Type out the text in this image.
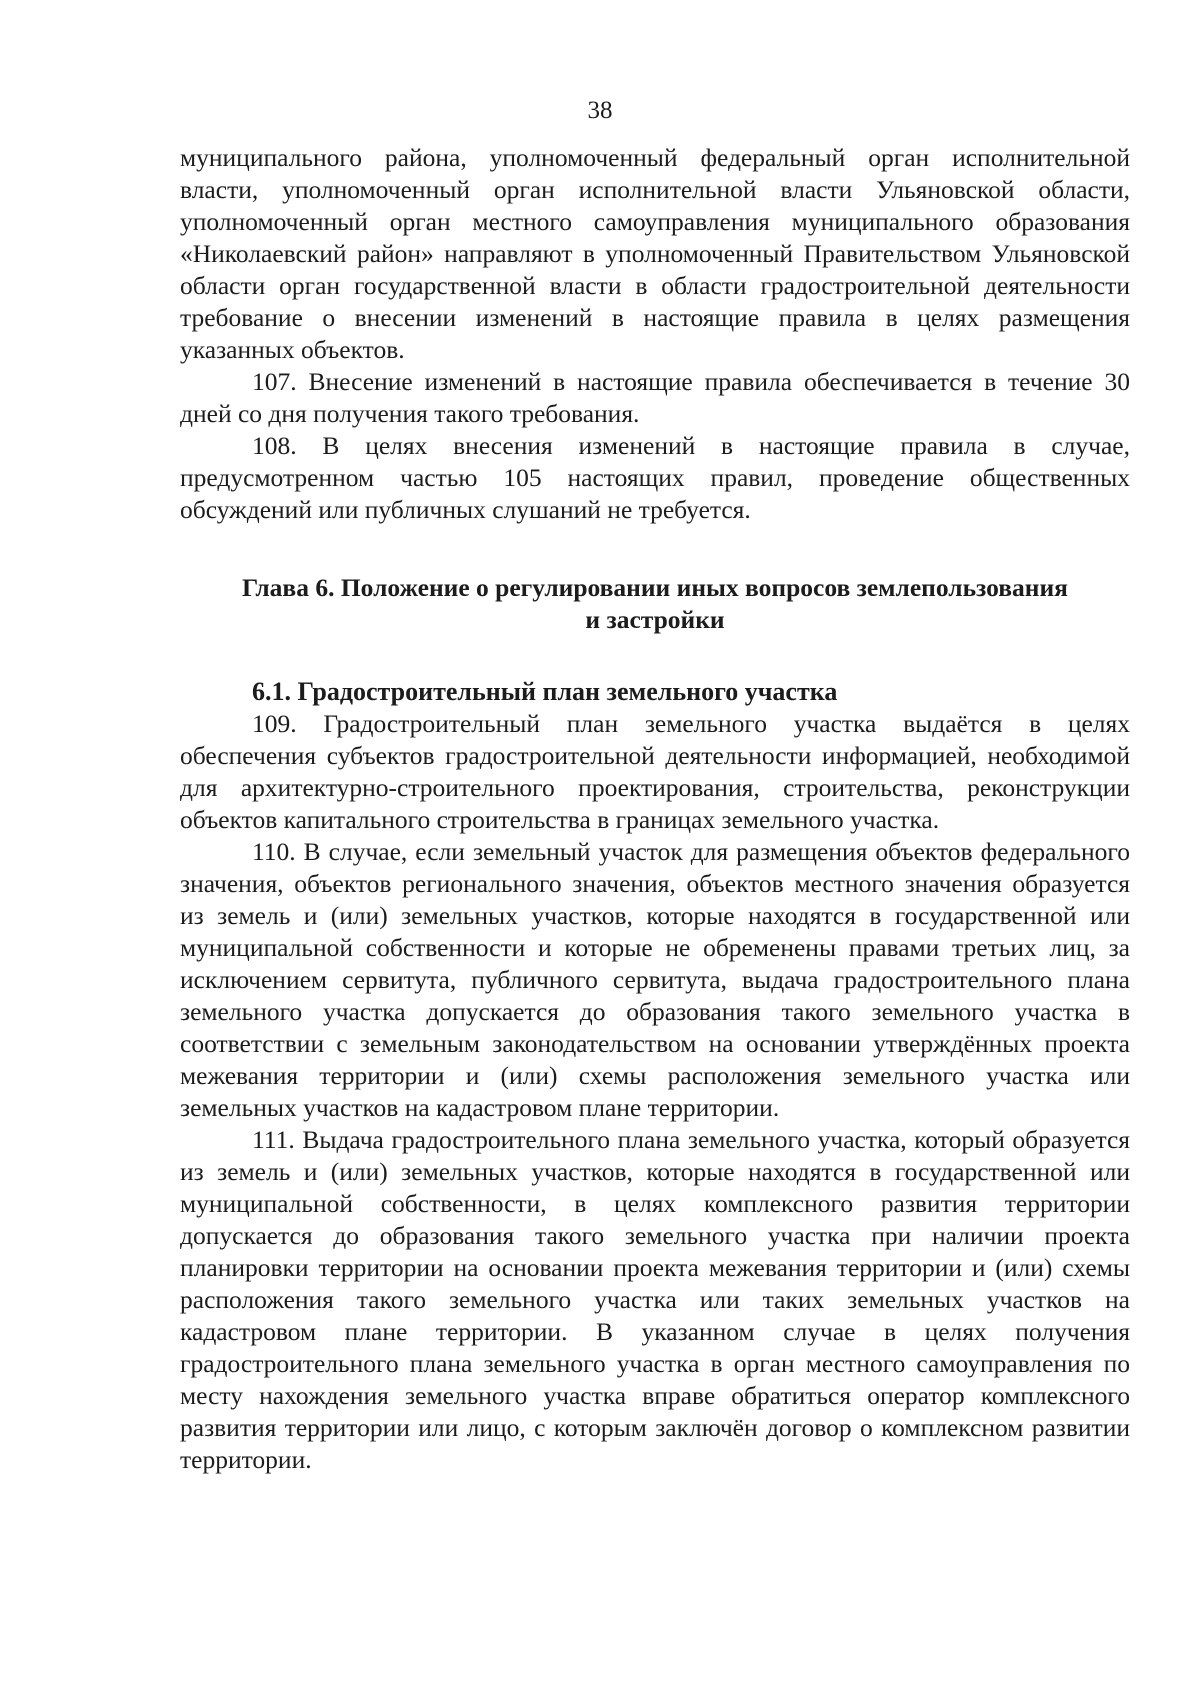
38

муниципального района, уполномоченный федеральный орган исполнительной власти, уполномоченный орган исполнительной власти Ульяновской области, уполномоченный орган местного самоуправления муниципального образования «Николаевский район» направляют в уполномоченный Правительством Ульяновской области орган государственной власти в области градостроительной деятельности требование о внесении изменений в настоящие правила в целях размещения указанных объектов.

107. Внесение изменений в настоящие правила обеспечивается в течение 30 дней со дня получения такого требования.

108. В целях внесения изменений в настоящие правила в случае, предусмотренном частью 105 настоящих правил, проведение общественных обсуждений или публичных слушаний не требуется.

Глава 6. Положение о регулировании иных вопросов землепользования
и застройки
6.1. Градостроительный план земельного участка

109. Градостроительный план земельного участка выдаётся в целях обеспечения субъектов градостроительной деятельности информацией, необходимой для архитектурно-строительного проектирования, строительства, реконструкции объектов капитального строительства в границах земельного участка.

110. В случае, если земельный участок для размещения объектов федерального значения, объектов регионального значения, объектов местного значения образуется из земель и (или) земельных участков, которые находятся в государственной или муниципальной собственности и которые не обременены правами третьих лиц, за исключением сервитута, публичного сервитута, выдача градостроительного плана земельного участка допускается до образования такого земельного участка в соответствии с земельным законодательством на основании утверждённых проекта межевания территории и (или) схемы расположения земельного участка или земельных участков на кадастровом плане территории.

111. Выдача градостроительного плана земельного участка, который образуется из земель и (или) земельных участков, которые находятся в государственной или муниципальной собственности, в целях комплексного развития территории допускается до образования такого земельного участка при наличии проекта планировки территории на основании проекта межевания территории и (или) схемы расположения такого земельного участка или таких земельных участков на кадастровом плане территории. В указанном случае в целях получения градостроительного плана земельного участка в орган местного самоуправления по месту нахождения земельного участка вправе обратиться оператор комплексного развития территории или лицо, с которым заключён договор о комплексном развитии территории.
